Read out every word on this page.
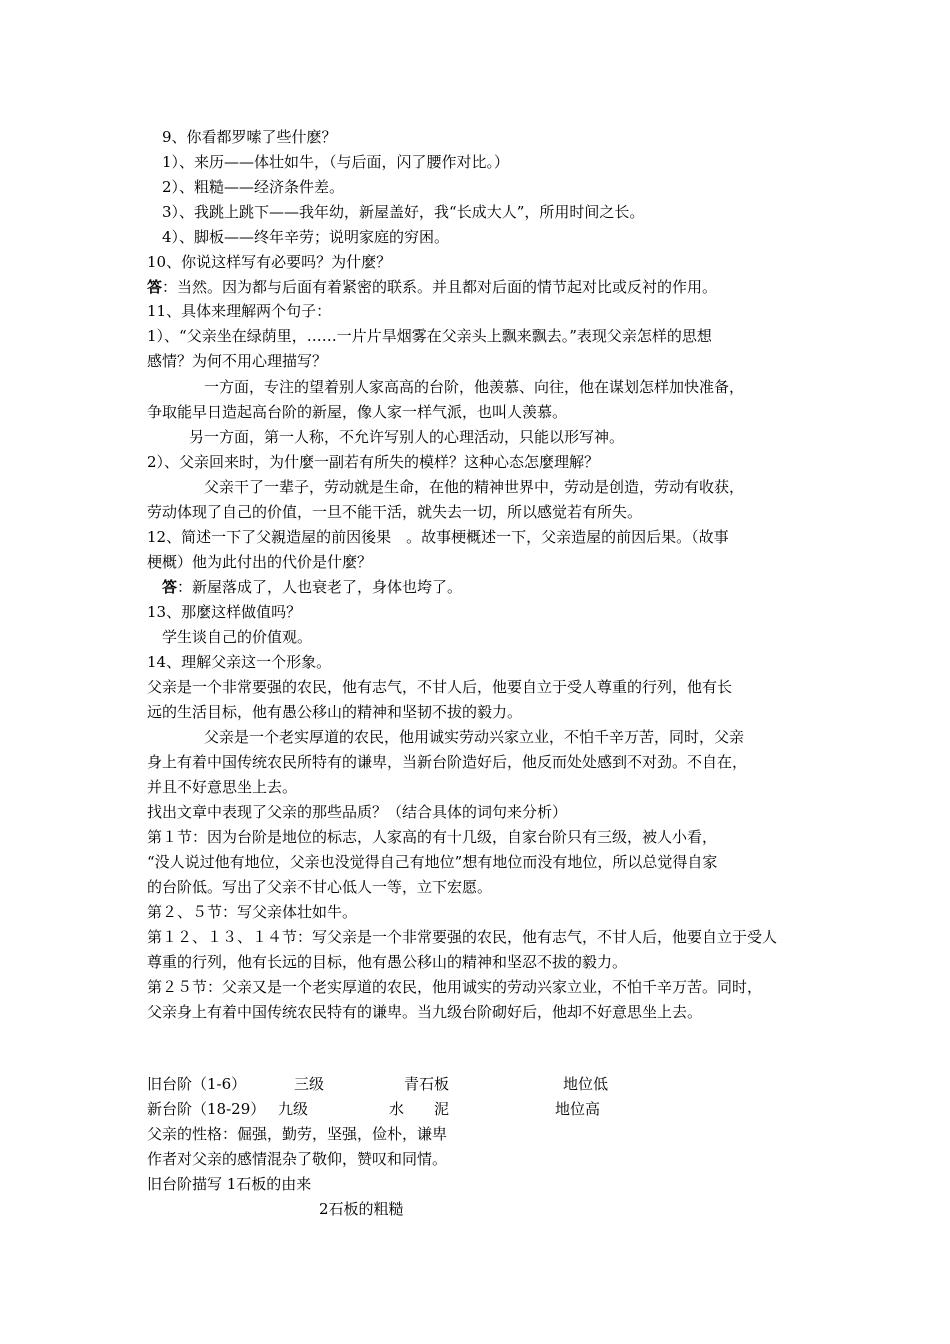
9、你看都罗嗦了些什麽？
1）、来历——体壮如牛，（与后面，闪了腰作对比。）
2）、粗糙——经济条件差。
3）、我跳上跳下——我年幼，新屋盖好，我“长成大人”，所用时间之长。
4）、脚板——终年辛劳；说明家庭的穷困。
10、你说这样写有必要吗？为什麼？
答：当然。因为都与后面有着紧密的联系。并且都对后面的情节起对比或反衬的作用。
11、具体来理解两个句子：
1）、“父亲坐在绿荫里，……一片片旱烟雾在父亲头上飘来飘去。”表现父亲怎样的思想
感情？为何不用心理描写？
一方面，专注的望着别人家高高的台阶，他羡慕、向往，他在谋划怎样加快准备，
争取能早日造起高台阶的新屋，像人家一样气派，也叫人羡慕。
另一方面，第一人称，不允许写别人的心理活动，只能以形写神。
2）、父亲回来时，为什麼一副若有所失的模样？这种心态怎麼理解？
父亲干了一辈子，劳动就是生命，在他的精神世界中，劳动是创造，劳动有收获，
劳动体现了自己的价值，一旦不能干活，就失去一切，所以感觉若有所失。
12、简述一下了父親造屋的前因後果　。故事梗概述一下，父亲造屋的前因后果。（故事
梗概）他为此付出的代价是什麼？
答：新屋落成了，人也衰老了，身体也垮了。
13、那麼这样做值吗？
学生谈自己的价值观。
14、理解父亲这一个形象。
父亲是一个非常要强的农民，他有志气，不甘人后，他要自立于受人尊重的行列，他有长
远的生活目标，他有愚公移山的精神和坚韧不拔的毅力。
父亲是一个老实厚道的农民，他用诚实劳动兴家立业，不怕千辛万苦，同时，父亲
身上有着中国传统农民所特有的谦卑，当新台阶造好后，他反而处处感到不对劲。不自在，
并且不好意思坐上去。
找出文章中表现了父亲的那些品质？（结合具体的词句来分析）
第１节：因为台阶是地位的标志，人家高的有十几级，自家台阶只有三级，被人小看，
“没人说过他有地位，父亲也没觉得自己有地位”想有地位而没有地位，所以总觉得自家
的台阶低。写出了父亲不甘心低人一等，立下宏愿。
第２、５节：写父亲体壮如牛。
第１２、１３、１４节：写父亲是一个非常要强的农民，他有志气，不甘人后，他要自立于受人
尊重的行列，他有长远的目标，他有愚公移山的精神和坚忍不拔的毅力。
第２５节：父亲又是一个老实厚道的农民，他用诚实的劳动兴家立业，不怕千辛万苦。同时，
父亲身上有着中国传统农民特有的谦卑。当九级台阶砌好后，他却不好意思坐上去。
旧台阶（1-6）	三级	青石板	地位低
新台阶（18-29） 九级	水　　泥	地位高
父亲的性格：倔强，勤劳，坚强，俭朴，谦卑
作者对父亲的感情混杂了敬仰，赞叹和同情。
旧台阶描写 1石板的由来
2石板的粗糙
